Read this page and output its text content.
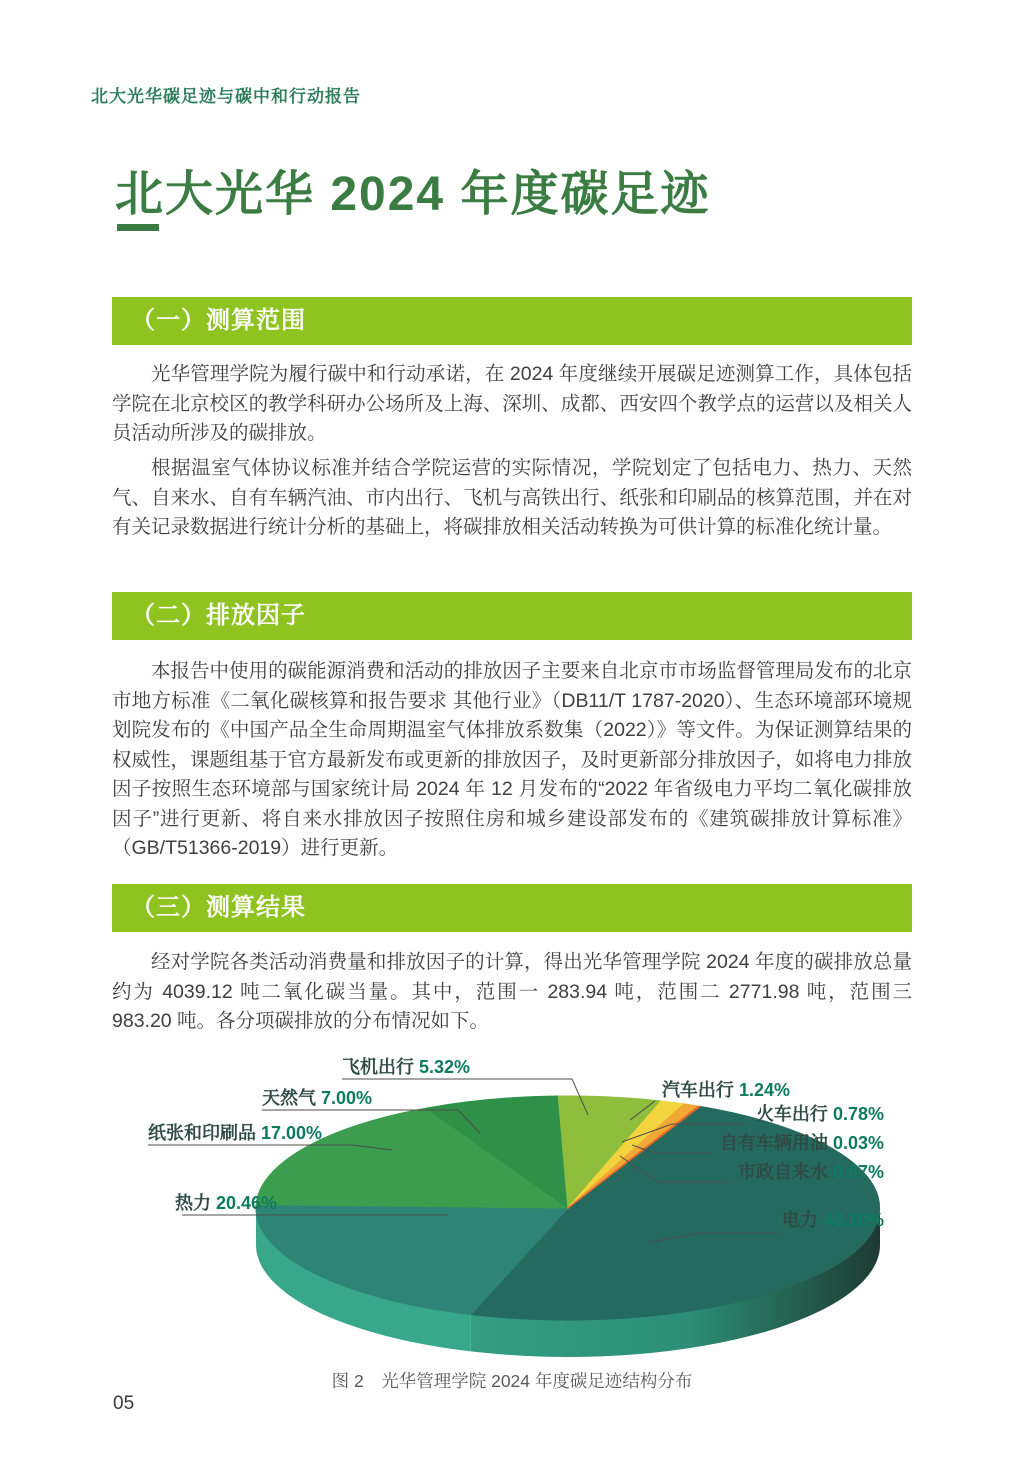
北大光华碳足迹与碳中和行动报告
北大光华 2024 年度碳足迹
（一）测算范围

光华管理学院为履行碳中和行动承诺，在 2024 年度继续开展碳足迹测算工作，具体包括学院在北京校区的教学科研办公场所及上海、深圳、成都、西安四个教学点的运营以及相关人员活动所涉及的碳排放。

根据温室气体协议标准并结合学院运营的实际情况，学院划定了包括电力、热力、天然气、自来水、自有车辆汽油、市内出行、飞机与高铁出行、纸张和印刷品的核算范围，并在对有关记录数据进行统计分析的基础上，将碳排放相关活动转换为可供计算的标准化统计量。

（二）排放因子

本报告中使用的碳能源消费和活动的排放因子主要来自北京市市场监督管理局发布的北京市地方标准《二氧化碳核算和报告要求 其他行业》（DB11/T 1787-2020）、生态环境部环境规划院发布的《中国产品全生命周期温室气体排放系数集（2022）》等文件。为保证测算结果的权威性，课题组基于官方最新发布或更新的排放因子，及时更新部分排放因子，如将电力排放因子按照生态环境部与国家统计局 2024 年 12 月发布的“2022 年省级电力平均二氧化碳排放因子”进行更新、将自来水排放因子按照住房和城乡建设部发布的《建筑碳排放计算标准》（GB/T51366-2019）进行更新。

（三）测算结果

经对学院各类活动消费量和排放因子的计算，得出光华管理学院 2024 年度的碳排放总量约为 4039.12 吨二氧化碳当量。其中，范围一 283.94 吨，范围二 2771.98 吨，范围三 983.20 吨。各分项碳排放的分布情况如下。

电力 48.10%
热力 20.46%
纸张和印刷品 17.00%
天然气 7.00%
飞机出行 5.32%
汽车出行 1.24%
火车出行 0.78%
自有车辆用油 0.03%
市政自来水 0.07%
图 2　光华管理学院 2024 年度碳足迹结构分布
05
